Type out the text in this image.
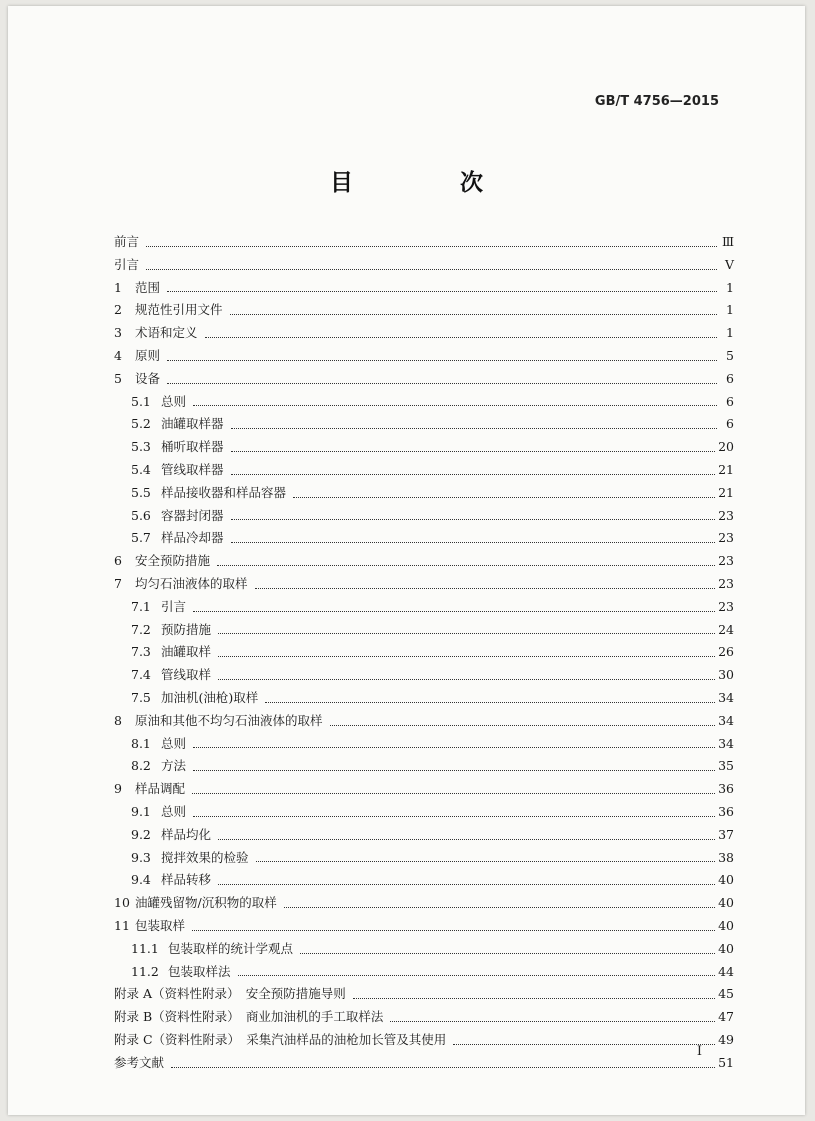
GB/T 4756—2015
目　次
前言	Ⅲ
引言	Ⅴ
1	范围	1
2	规范性引用文件	1
3	术语和定义	1
4	原则	5
5	设备	6
5.1 总则	6
5.2 油罐取样器	6
5.3 桶听取样器	20
5.4 管线取样器	21
5.5 样品接收器和样品容器	21
5.6 容器封闭器	23
5.7 样品冷却器	23
6	安全预防措施	23
7	均匀石油液体的取样	23
7.1 引言	23
7.2 预防措施	24
7.3 油罐取样	26
7.4 管线取样	30
7.5 加油机(油枪)取样	34
8	原油和其他不均匀石油液体的取样	34
8.1 总则	34
8.2 方法	35
9	样品调配	36
9.1 总则	36
9.2 样品均化	37
9.3 搅拌效果的检验	38
9.4 样品转移	40
10 油罐残留物/沉积物的取样	40
11 包装取样	40
11.1 包装取样的统计学观点	40
11.2 包装取样法	44
附录 A（资料性附录）　安全预防措施导则	45
附录 B（资料性附录）　商业加油机的手工取样法	47
附录 C（资料性附录）　采集汽油样品的油枪加长管及其使用	49
参考文献	51
I
